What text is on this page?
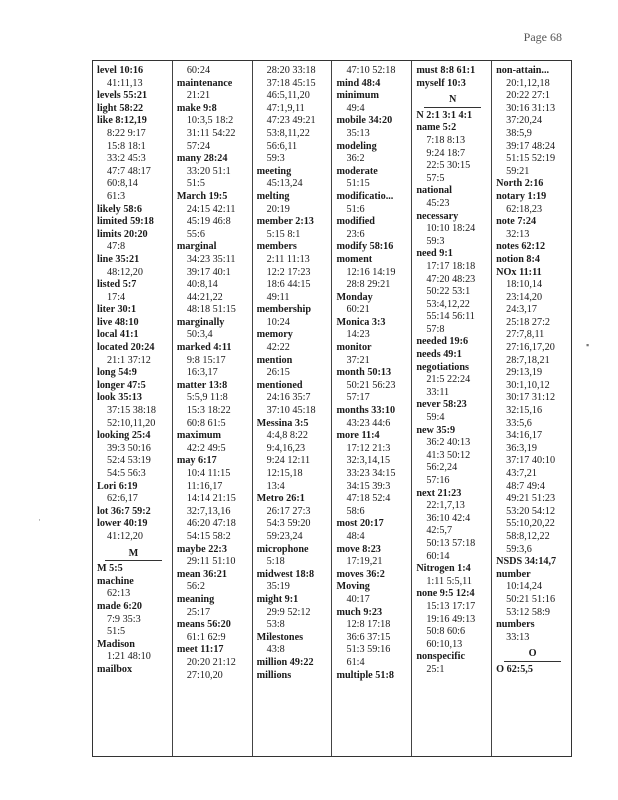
Page 68
level 10:16
41:11,13
levels 55:21
light 58:22
like 8:12,19
8:22 9:17
15:8 18:1
33:2 45:3
47:7 48:17
60:8,14
61:3
likely 58:6
limited 59:18
limits 20:20
47:8
line 35:21
48:12,20
listed 5:7
17:4
liter 30:1
live 48:10
local 41:1
located 20:24
21:1 37:12
long 54:9
longer 47:5
look 35:13
37:15 38:18
52:10,11,20
looking 25:4
39:3 50:16
52:4 53:19
54:5 56:3
Lori 6:19
62:6,17
lot 36:7 59:2
lower 40:19
41:12,20
M
M 5:5
machine
62:13
made 6:20
7:9 35:3
51:5
Madison
1:21 48:10
mailbox
60:24
maintenance
21:21
make 9:8
10:3,5 18:2
31:11 54:22
57:24
many 28:24
33:20 51:1
51:5
March 19:5
24:15 42:11
45:19 46:8
55:6
marginal
34:23 35:11
39:17 40:1
40:8,14
44:21,22
48:18 51:15
marginally
50:3,4
marked 4:11
9:8 15:17
16:3,17
matter 13:8
5:5,9 11:8
15:3 18:22
60:8 61:5
maximum
42:2 49:5
may 6:17
10:4 11:15
11:16,17
14:14 21:15
32:7,13,16
46:20 47:18
54:15 58:2
maybe 22:3
29:11 51:10
mean 36:21
56:2
meaning
25:17
means 56:20
61:1 62:9
meet 11:17
20:20 21:12
27:10,20
28:20 33:18
37:18 45:15
46:5,11,20
47:1,9,11
47:23 49:21
53:8,11,22
56:6,11
59:3
meeting
45:13,24
melting
20:19
member 2:13
5:15 8:1
members
2:11 11:13
12:2 17:23
18:6 44:15
49:11
membership
10:24
memory
42:22
mention
26:15
mentioned
24:16 35:7
37:10 45:18
Messina 3:5
4:4,8 8:22
9:4,16,23
9:24 12:11
12:15,18
13:4
Metro 26:1
26:17 27:3
54:3 59:20
59:23,24
microphone
5:18
midwest 18:8
35:19
might 9:1
29:9 52:12
53:8
Milestones
43:8
million 49:22
millions
47:10 52:18
mind 48:4
minimum
49:4
mobile 34:20
35:13
modeling
36:2
moderate
51:15
modificatio...
51:6
modified
23:6
modify 58:16
moment
12:16 14:19
28:8 29:21
Monday
60:21
Monica 3:3
14:23
monitor
37:21
month 50:13
50:21 56:23
57:17
months 33:10
43:23 44:6
more 11:4
17:12 21:3
32:3,14,15
33:23 34:15
34:15 39:3
47:18 52:4
58:6
most 20:17
48:4
move 8:23
17:19,21
moves 36:2
Moving
40:17
much 9:23
12:8 17:18
36:6 37:15
51:3 59:16
61:4
multiple 51:8
must 8:8 61:1
myself 10:3
N
N 2:1 3:1 4:1
name 5:2
7:18 8:13
9:24 18:7
22:5 30:15
57:5
national
45:23
necessary
10:10 18:24
59:3
need 9:1
17:17 18:18
47:20 48:23
50:22 53:1
53:4,12,22
55:14 56:11
57:8
needed 19:6
needs 49:1
negotiations
21:5 22:24
33:11
never 58:23
59:4
new 35:9
36:2 40:13
41:3 50:12
56:2,24
57:16
next 21:23
22:1,7,13
36:10 42:4
42:5,7
50:13 57:18
60:14
Nitrogen 1:4
1:11 5:5,11
none 9:5 12:4
15:13 17:17
19:16 49:13
50:8 60:6
60:10,13
nonspecific
25:1
non-attain...
20:1,12,18
20:22 27:1
30:16 31:13
37:20,24
38:5,9
39:17 48:24
51:15 52:19
59:21
North 2:16
notary 1:19
62:18,23
note 7:24
32:13
notes 62:12
notion 8:4
NOx 11:11
18:10,14
23:14,20
24:3,17
25:18 27:2
27:7,8,11
27:16,17,20
28:7,18,21
29:13,19
30:1,10,12
30:17 31:12
32:15,16
33:5,6
34:16,17
36:3,19
37:17 40:10
43:7,21
48:7 49:4
49:21 51:23
53:20 54:12
55:10,20,22
58:8,12,22
59:3,6
NSDS 34:14,7
number
10:14,24
50:21 51:16
53:12 58:9
numbers
33:13
O
O 62:5,5
▪
·
